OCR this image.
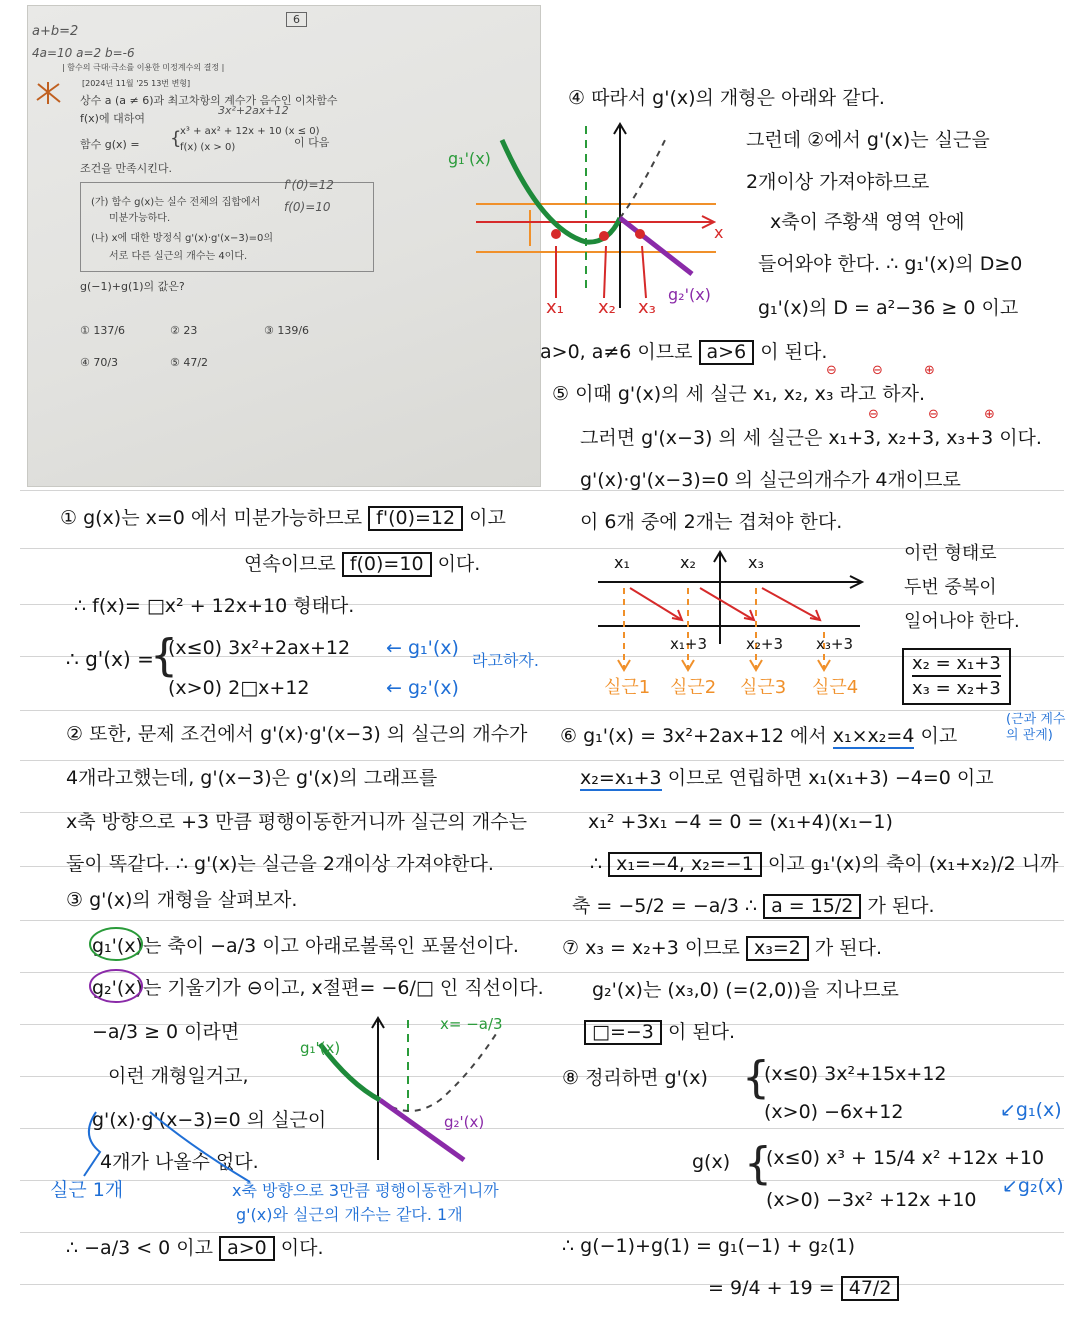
a+b=2
4a=10 a=2 b=-6
6
| 함수의 극대·극소를 이용한 미정계수의 결정 |
[2024년 11월 '25 13번 변형]
상수 a (a ≠ 6)과 최고차항의 계수가 음수인 이차함수
f(x)에 대하여
3x²+2ax+12
함수 g(x) = {
x³ + ax² + 12x + 10 (x ≤ 0)
f(x) (x > 0)	이 다음
조건을 만족시킨다.
(가) 함수 g(x)는 실수 전체의 집합에서
미분가능하다.
(나) x에 대한 방정식 g'(x)·g'(x−3)=0의
서로 다른 실근의 개수는 4이다.
f'(0)=12
f(0)=10
g(−1)+g(1)의 값은?
① 137/6	② 23	③ 139/6
④ 70/3	⑤ 47/2
① g(x)는 x=0 에서 미분가능하므로 f'(0)=12 이고
연속이므로 f(0)=10 이다.
∴ f(x)= □x² + 12x+10 형태다.
∴ g'(x) =
{
(x≤0) 3x²+2ax+12
(x>0) 2□x+12
← g₁'(x)
← g₂'(x)
라고하자.
② 또한, 문제 조건에서 g'(x)·g'(x−3) 의 실근의 개수가
4개라고했는데, g'(x−3)은 g'(x)의 그래프를
x축 방향으로 +3 만큼 평행이동한거니까 실근의 개수는
둘이 똑같다. ∴ g'(x)는 실근을 2개이상 가져야한다.
③ g'(x)의 개형을 살펴보자.
g₁'(x)는 축이 −a/3 이고 아래로볼록인 포물선이다.
g₂'(x)는 기울기가 ⊖이고, x절편= −6/□ 인 직선이다.
−a/3 ≥ 0 이라면
이런 개형일거고,
g'(x)·g'(x−3)=0 의 실근이
4개가 나올수 없다.
실근 1개	x축 방향으로 3만큼 평행이동한거니까
g'(x)와 실근의 개수는 같다. 1개
∴ −a/3 < 0 이고 a>0 이다.
g₁'(x)
x= −a/3
g₂'(x)
④ 따라서 g'(x)의 개형은 아래와 같다.
g₁'(x)
x
g₂'(x)
x₁ x₂ x₃
그런데 ②에서 g'(x)는 실근을
2개이상 가져야하므로
x축이 주황색 영역 안에
들어와야 한다. ∴ g₁'(x)의 D≥0
g₁'(x)의 D = a²−36 ≥ 0 이고
a>0, a≠6 이므로 a>6 이 된다.
⑤ 이때 g'(x)의 세 실근 x₁, x₂, x₃ 라고 하자.
⊖	⊖	⊕
⊖	⊖	⊕
그러면 g'(x−3) 의 세 실근은 x₁+3, x₂+3, x₃+3 이다.
g'(x)·g'(x−3)=0 의 실근의개수가 4개이므로
이 6개 중에 2개는 겹쳐야 한다.
x₁	x₂	x₃
x₁+3	x₂+3 x₃+3
실근1 실근2 실근3 실근4
이런 형태로
두번 중복이
일어나야 한다.
x₂ = x₁+3
x₃ = x₂+3
⑥ g₁'(x) = 3x²+2ax+12 에서 x₁×x₂=4 이고
(근과 계수의 관계)
x₂=x₁+3 이므로 연립하면 x₁(x₁+3) −4=0 이고
x₁² +3x₁ −4 = 0 = (x₁+4)(x₁−1)
∴ x₁=−4, x₂=−1 이고 g₁'(x)의 축이 (x₁+x₂)/2 니까
축 = −5/2 = −a/3 ∴ a = 15/2 가 된다.
⑦ x₃ = x₂+3 이므로 x₃=2 가 된다.
g₂'(x)는 (x₃,0) (=(2,0))을 지나므로
□=−3 이 된다.
⑧ 정리하면 g'(x) {
(x≤0) 3x²+15x+12
(x>0) −6x+12	↙g₁(x)
g(x) {
(x≤0) x³ + 15/4 x² +12x +10
(x>0) −3x² +12x +10
↙g₂(x)
∴ g(−1)+g(1) = g₁(−1) + g₂(1)
= 9/4 + 19 = 47/2
